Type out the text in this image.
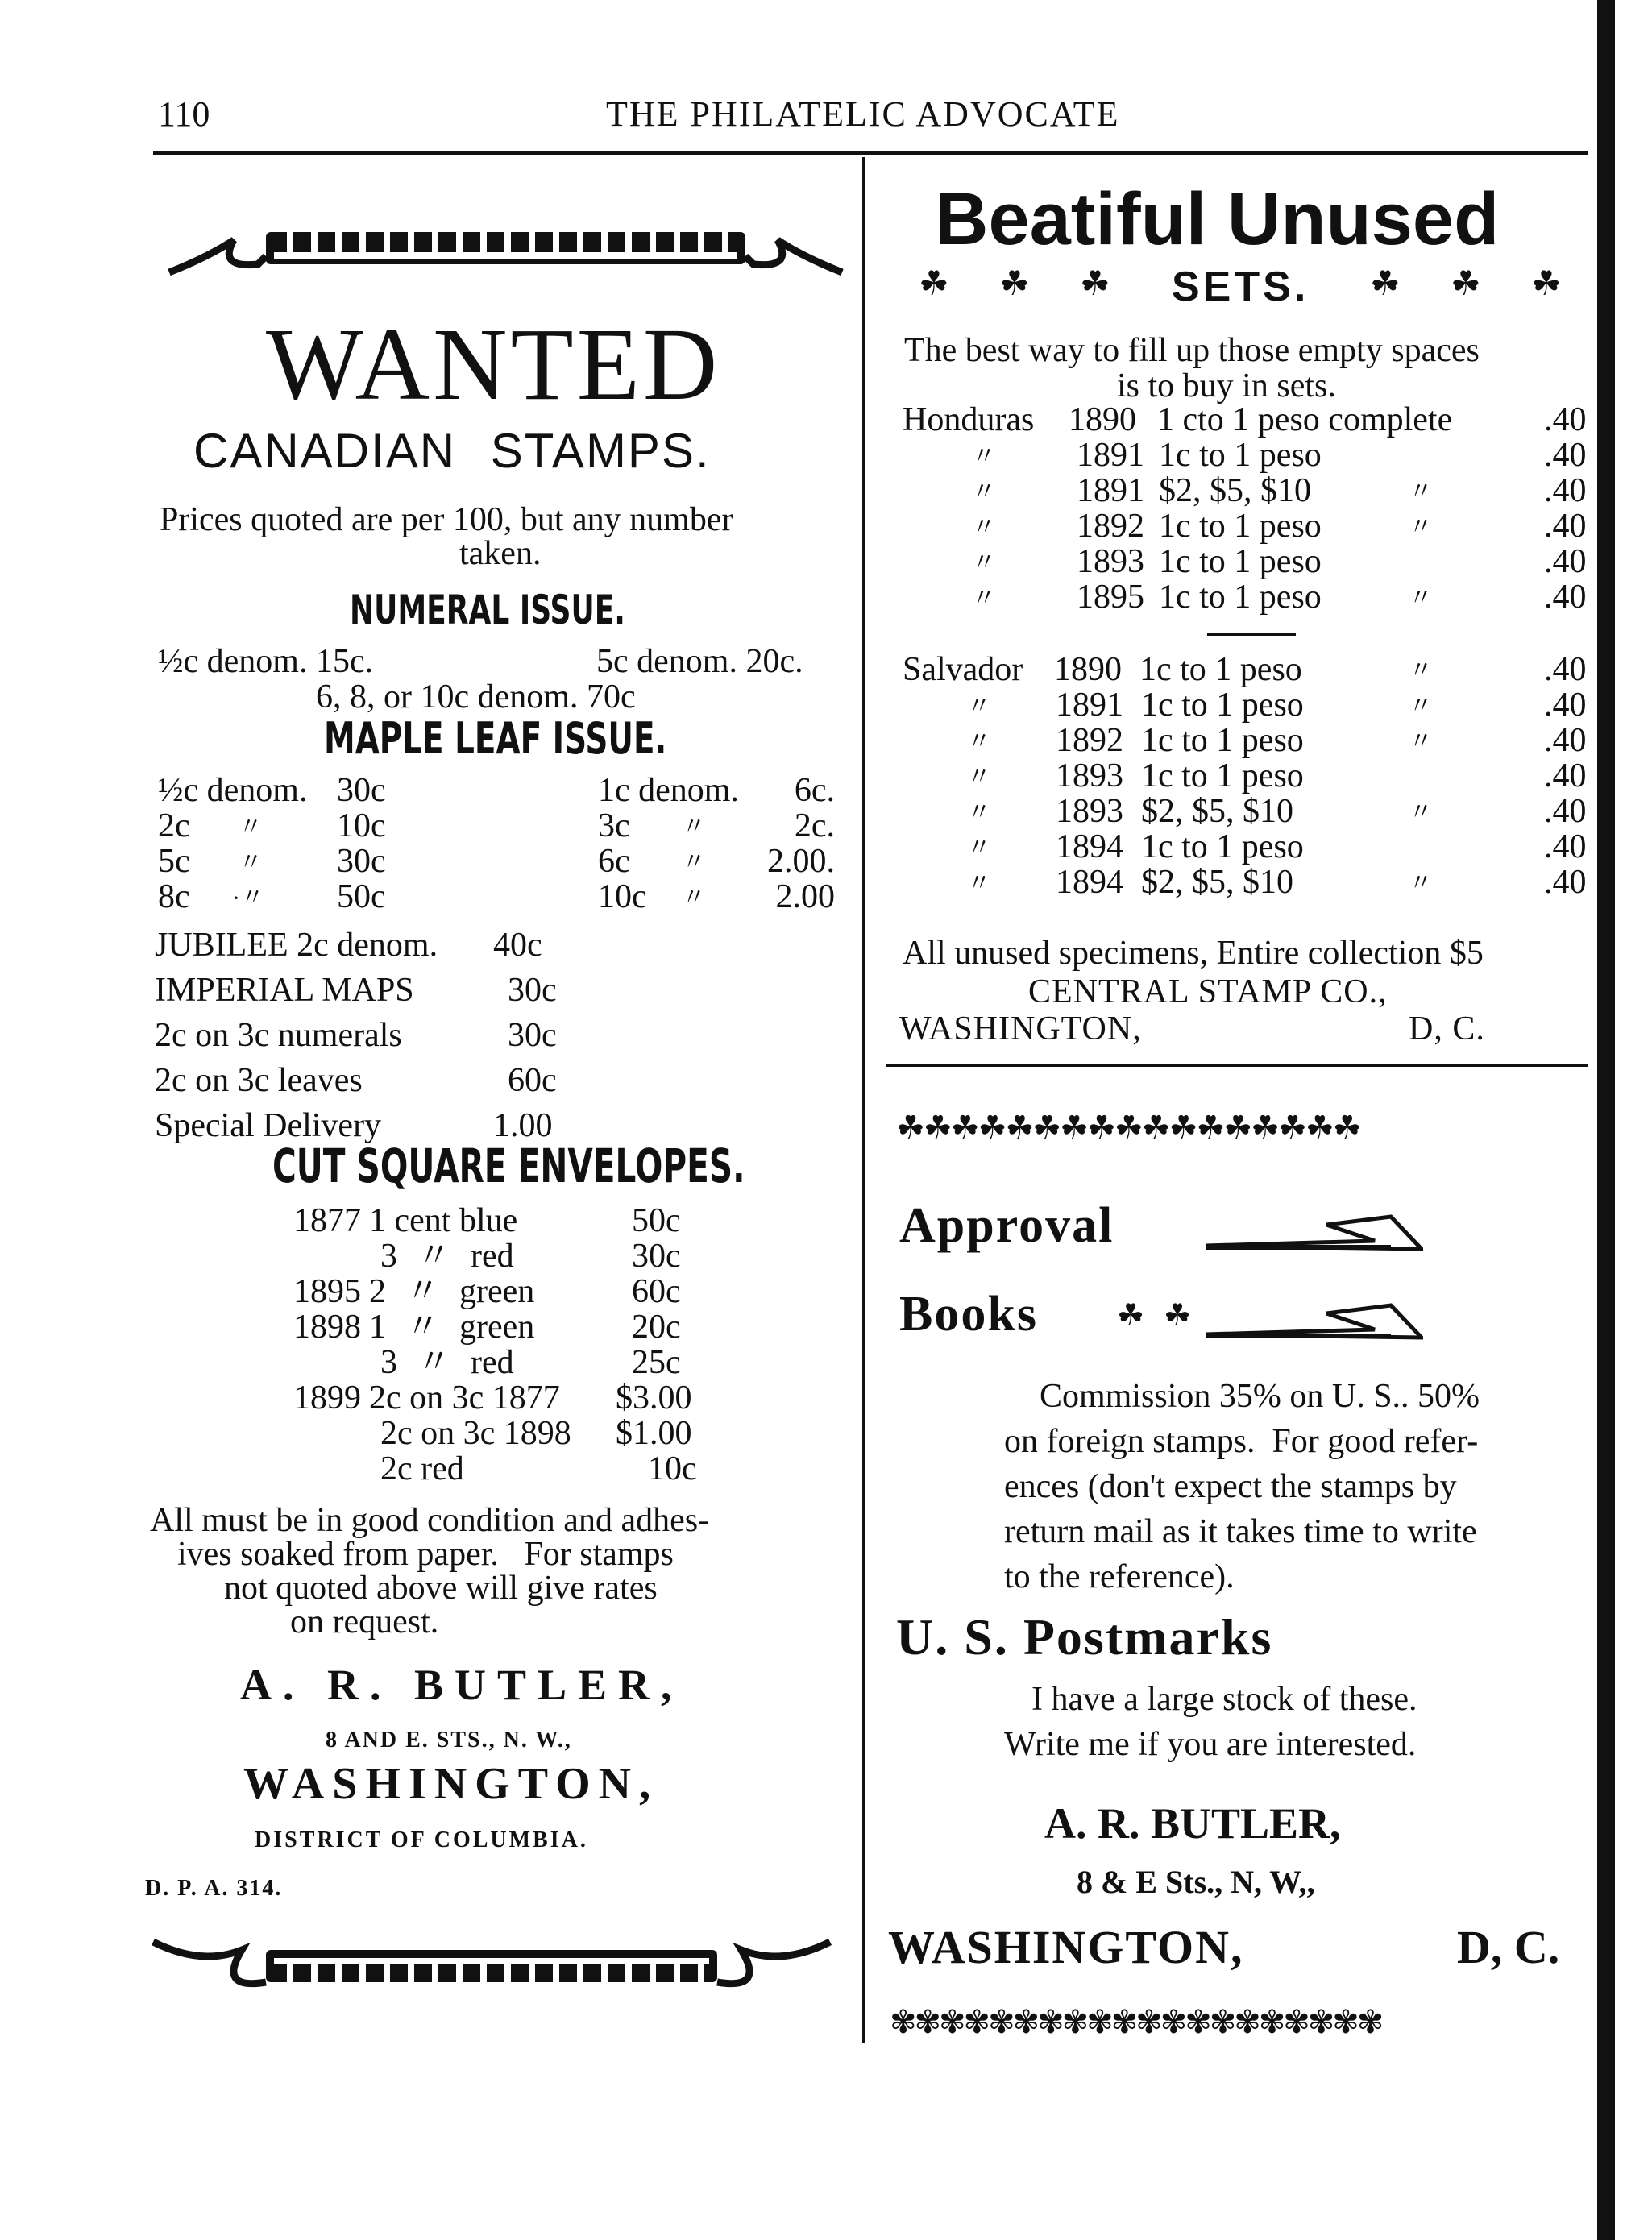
110	THE PHILATELIC ADVOCATE
WANTED
CANADIAN STAMPS.
Prices quoted are per 100, but any number
taken.
NUMERAL ISSUE.
½c denom. 15c.	5c denom. 20c.
6, 8, or 10c denom. 70c
MAPLE LEAF ISSUE.
½c denom. 30c	1c denom. 6c.
2c 〃 10c	3c 〃	2c.
5c 〃 30c	6c 〃 2.00.
8c ·〃 50c	10c 〃 2.00
JUBILEE 2c denom. 40c
IMPERIAL MAPS	30c
2c on 3c numerals	30c
2c on 3c leaves	60c
Special Delivery	1.00
CUT SQUARE ENVELOPES.
1877 1 cent blue	50c
3 〃 red	30c
1895 2 〃 green	60c
1898 1 〃 green	20c
3 〃 red	25c
1899 2c on 3c 1877 $3.00
2c on 3c 1898 $1.00
2c red	10c
All must be in good condition and adhes-
ives soaked from paper.   For stamps
not quoted above will give rates
on request.
A. R. BUTLER,
8 AND E. STS., N. W.,
WASHINGTON,
DISTRICT OF COLUMBIA.
D. P. A. 314.
Beatiful Unused
☘ ☘ ☘ SETS. ☘ ☘ ☘
The best way to fill up those empty spaces
is to buy in sets.
Honduras 1890 1 cto 1 peso complete	.40
〃 1891 1c to 1 peso	.40
〃 1891 $2, $5, $10	〃	.40
〃 1892 1c to 1 peso	〃	.40
〃 1893 1c to 1 peso	.40
〃 1895 1c to 1 peso	〃	.40
Salvador 1890 1c to 1 peso	〃	.40
〃 1891 1c to 1 peso	〃	.40
〃 1892 1c to 1 peso	〃	.40
〃 1893 1c to 1 peso	.40
〃 1893 $2, $5, $10	〃	.40
〃 1894 1c to 1 peso	.40
〃 1894 $2, $5, $10	〃	.40
All unused specimens, Entire collection $5
CENTRAL STAMP CO.,
WASHINGTON,	D, C.
☘☘☘☘☘☘☘☘☘☘☘☘☘☘☘☘☘
Approval
Books	☘ ☘
Commission 35% on U. S.. 50%
on foreign stamps.  For good refer-
ences (don't expect the stamps by
return mail as it takes time to write
to the reference).
U. S. Postmarks
I have a large stock of these.
Write me if you are interested.
A. R. BUTLER,
8 & E Sts., N, W,,
WASHINGTON,	D, C.
✾✾✾✾✾✾✾✾✾✾✾✾✾✾✾✾✾✾✾✾
